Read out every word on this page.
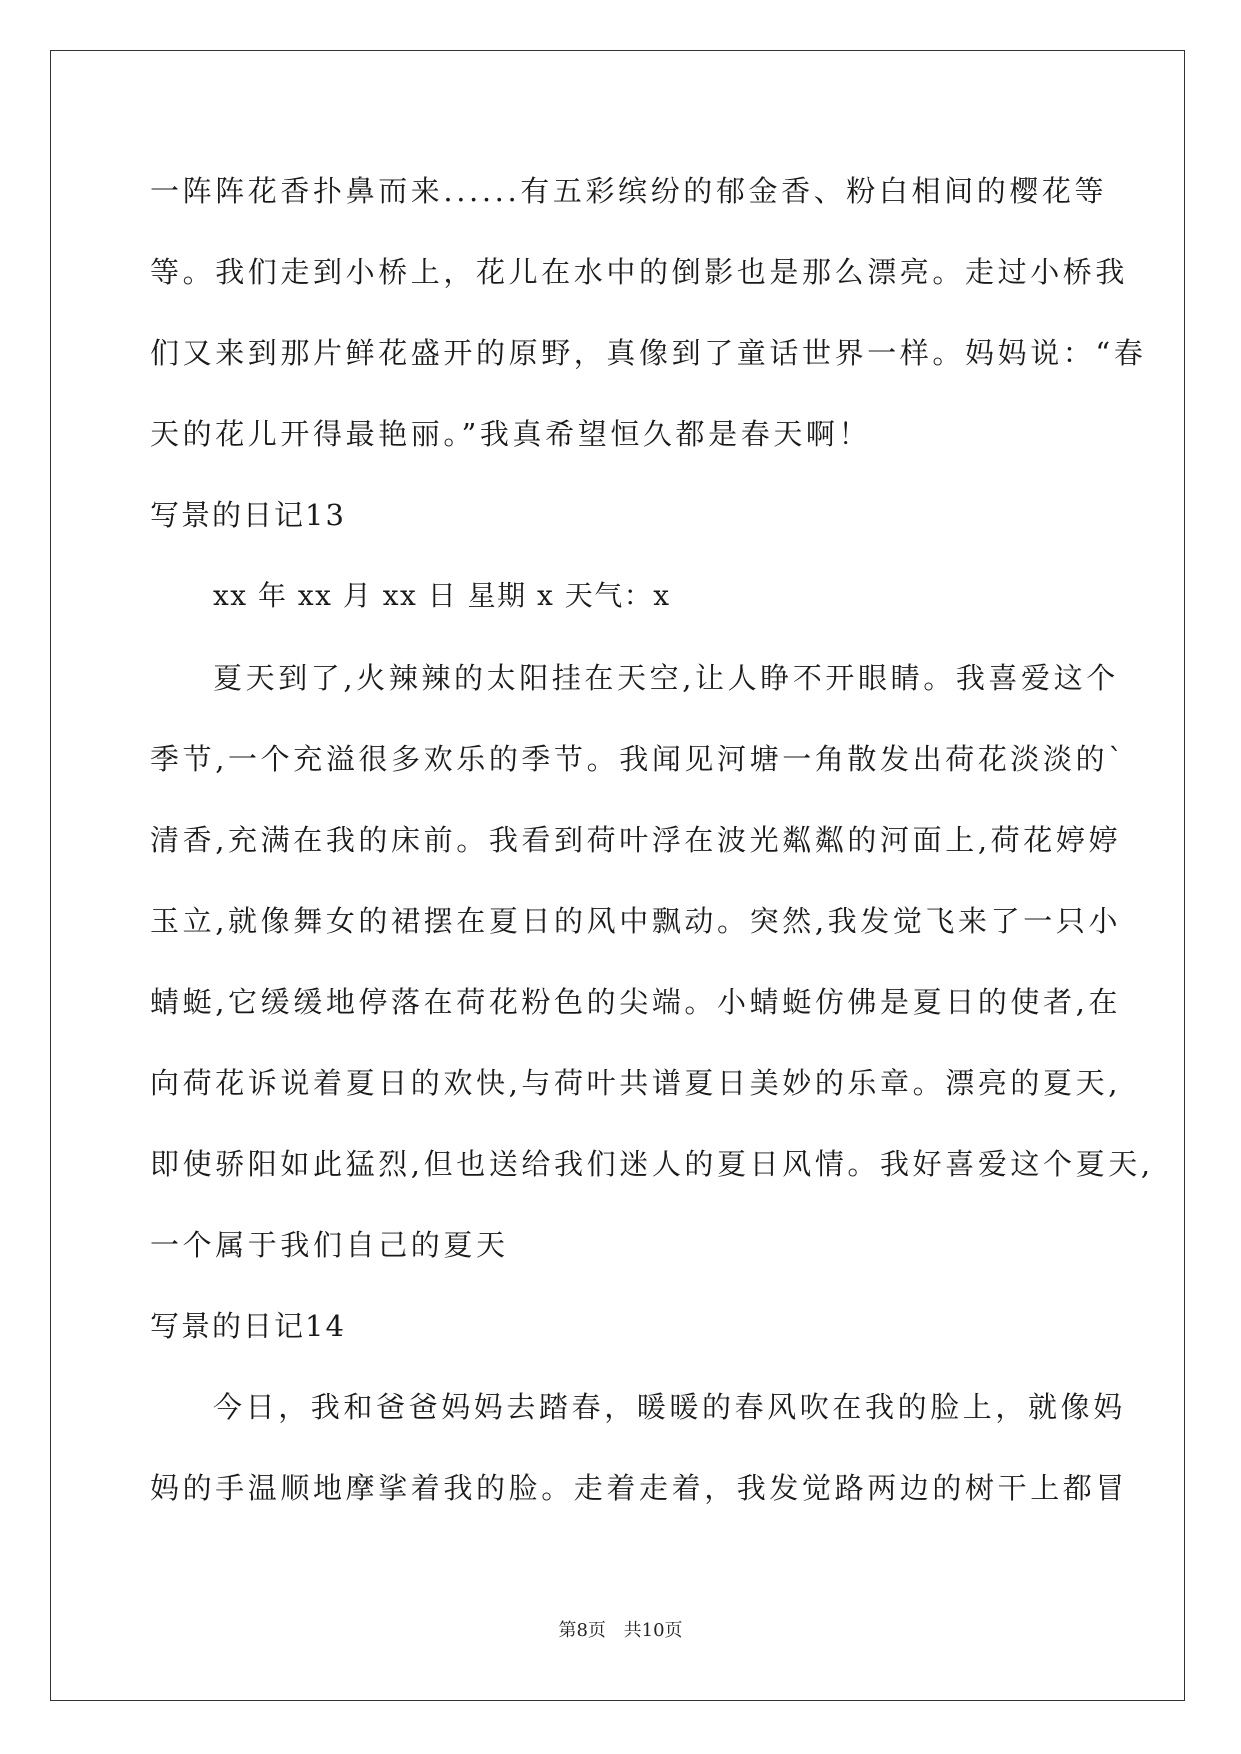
一阵阵花香扑鼻而来......有五彩缤纷的郁金香、粉白相间的樱花等
等。我们走到小桥上，花儿在水中的倒影也是那么漂亮。走过小桥我
们又来到那片鲜花盛开的原野，真像到了童话世界一样。妈妈说：“春
天的花儿开得最艳丽。”我真希望恒久都是春天啊！
写景的日记13
xx 年 xx 月 xx 日 星期 x 天气：x
夏天到了,火辣辣的太阳挂在天空,让人睁不开眼睛。我喜爱这个
季节,一个充溢很多欢乐的季节。我闻见河塘一角散发出荷花淡淡的`
清香,充满在我的床前。我看到荷叶浮在波光粼粼的河面上,荷花婷婷
玉立,就像舞女的裙摆在夏日的风中飘动。突然,我发觉飞来了一只小
蜻蜓,它缓缓地停落在荷花粉色的尖端。小蜻蜓仿佛是夏日的使者,在
向荷花诉说着夏日的欢快,与荷叶共谱夏日美妙的乐章。漂亮的夏天,
即使骄阳如此猛烈,但也送给我们迷人的夏日风情。我好喜爱这个夏天,
一个属于我们自己的夏天
写景的日记14
今日，我和爸爸妈妈去踏春，暖暖的春风吹在我的脸上，就像妈
妈的手温顺地摩挲着我的脸。走着走着，我发觉路两边的树干上都冒
第8页 共10页
